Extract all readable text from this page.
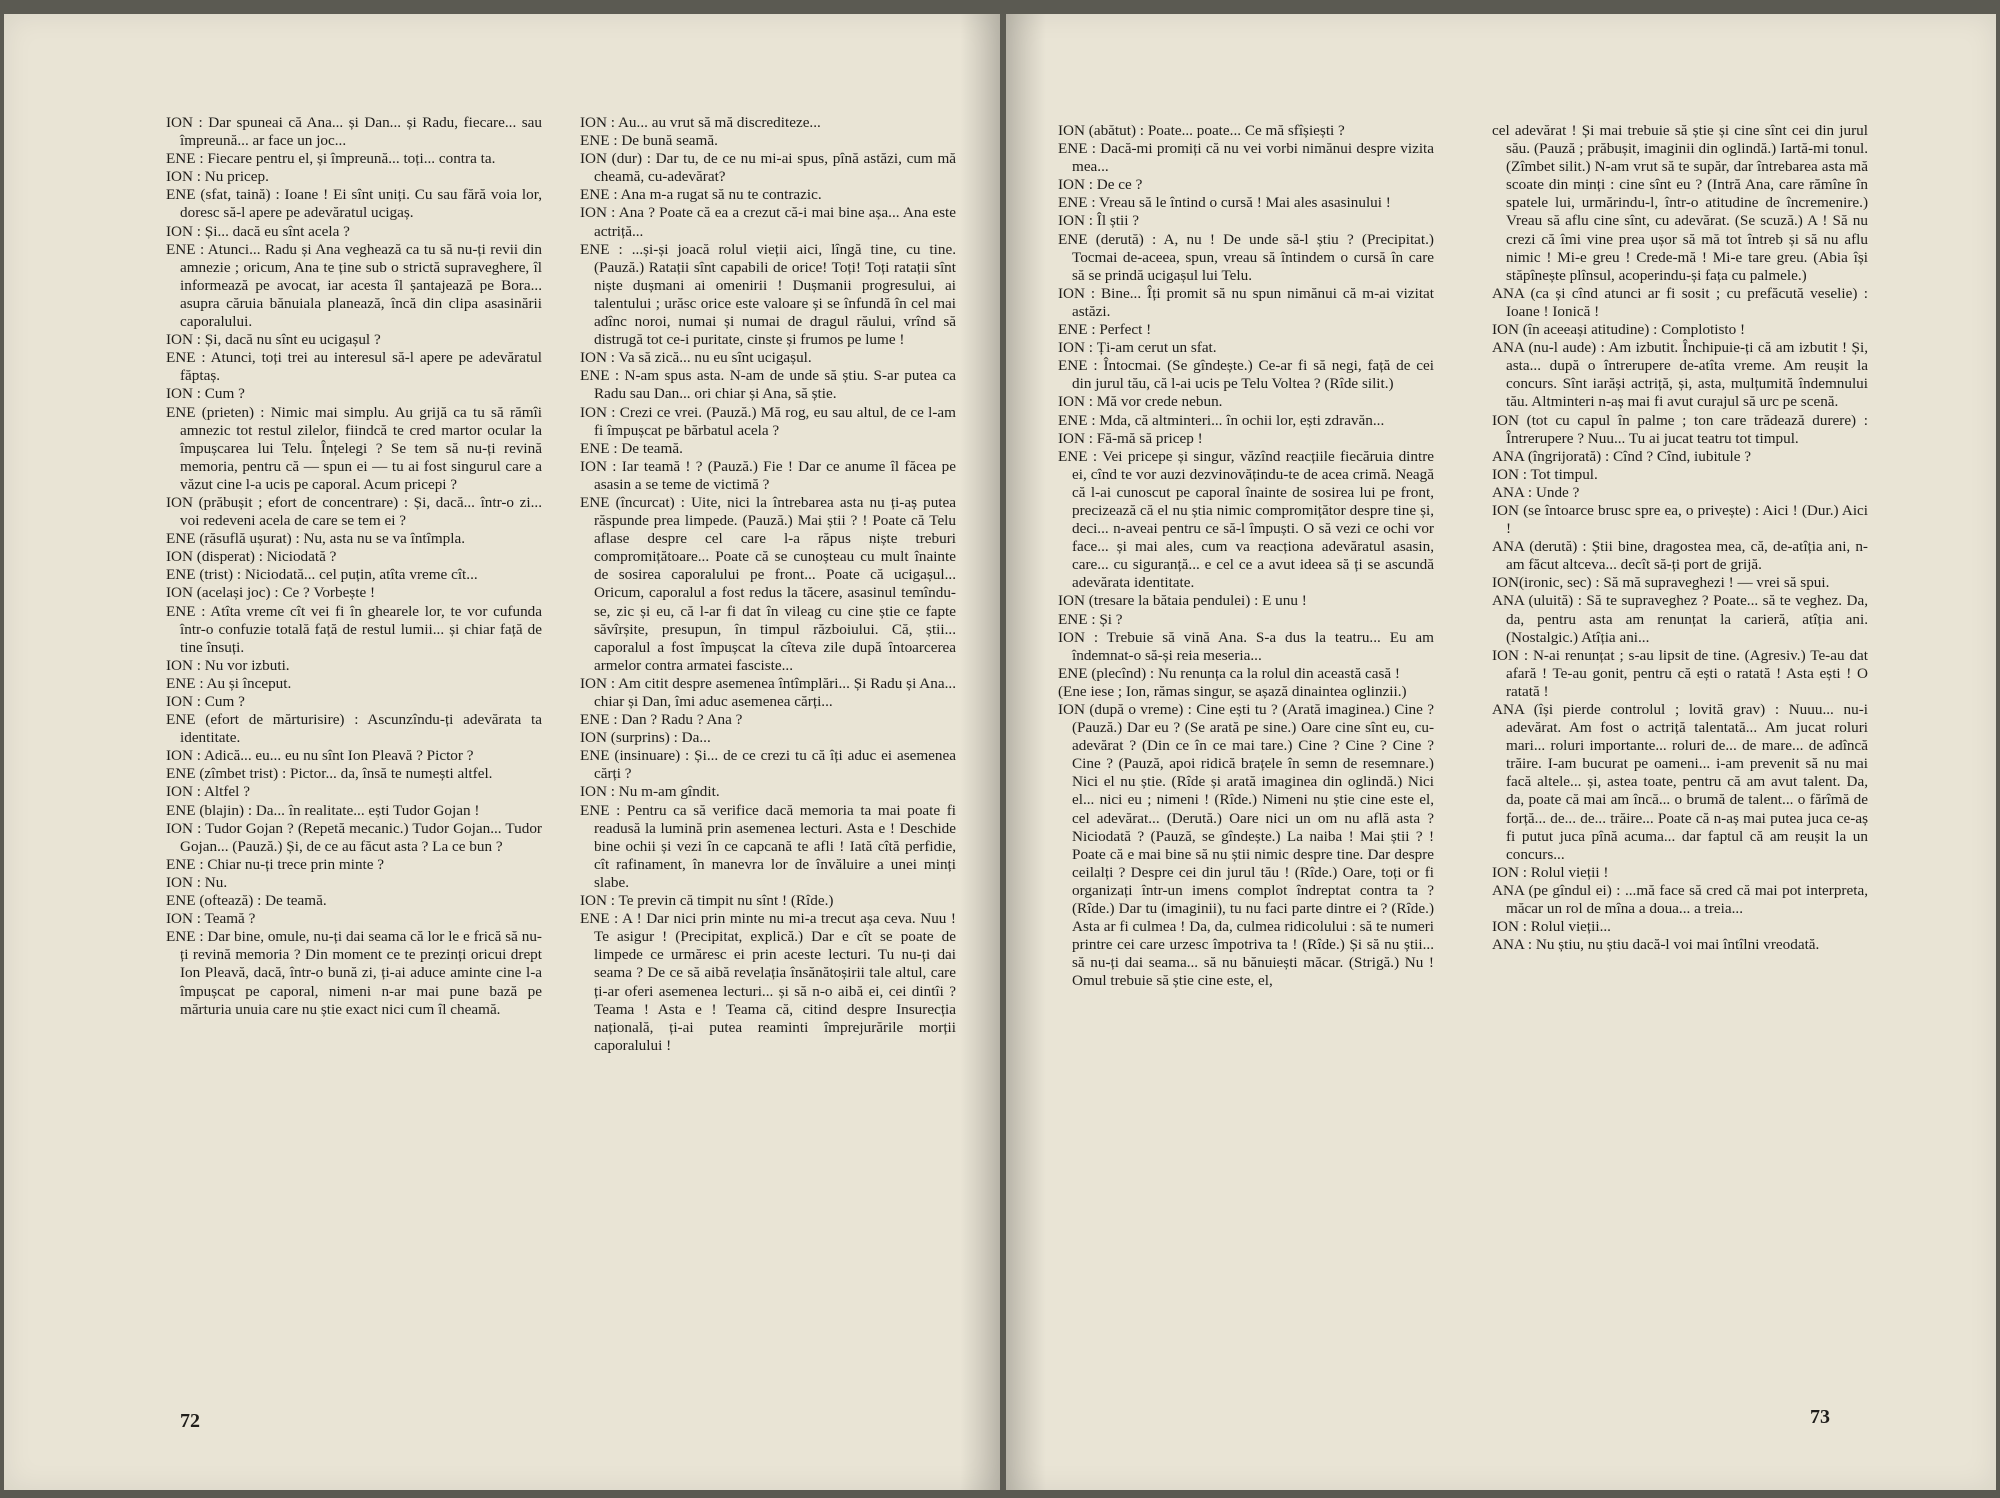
ION : Dar spuneai că Ana... și Dan... și Radu, fiecare... sau împreună... ar face un joc...

ENE : Fiecare pentru el, și împreună... toți... contra ta.

ION : Nu pricep.

ENE (sfat, taină) : Ioane ! Ei sînt uniți. Cu sau fără voia lor, doresc să-l apere pe adevăratul ucigaș.

ION : Și... dacă eu sînt acela ?

ENE : Atunci... Radu și Ana veghează ca tu să nu-ți revii din amnezie ; oricum, Ana te ține sub o strictă supraveghere, îl informează pe avocat, iar acesta îl șantajează pe Bora... asupra căruia bănuiala planează, încă din clipa asasinării caporalului.

ION : Și, dacă nu sînt eu ucigașul ?

ENE : Atunci, toți trei au interesul să-l apere pe adevăratul făptaș.

ION : Cum ?

ENE (prieten) : Nimic mai simplu. Au grijă ca tu să rămîi amnezic tot restul zilelor, fiindcă te cred martor ocular la împușcarea lui Telu. Înțelegi ? Se tem să nu-ți revină memoria, pentru că — spun ei — tu ai fost singurul care a văzut cine l-a ucis pe caporal. Acum pricepi ?

ION (prăbușit ; efort de concentrare) : Și, dacă... într-o zi... voi redeveni acela de care se tem ei ?

ENE (răsuflă ușurat) : Nu, asta nu se va întîmpla.

ION (disperat) : Niciodată ?

ENE (trist) : Niciodată... cel puțin, atîta vreme cît...

ION (același joc) : Ce ? Vorbește !

ENE : Atîta vreme cît vei fi în ghearele lor, te vor cufunda într-o confuzie totală față de restul lumii... și chiar față de tine însuți.

ION : Nu vor izbuti.

ENE : Au și început.

ION : Cum ?

ENE (efort de mărturisire) : Ascunzîndu-ți adevărata ta identitate.

ION : Adică... eu... eu nu sînt Ion Pleavă ? Pictor ?

ENE (zîmbet trist) : Pictor... da, însă te numești altfel.

ION : Altfel ?

ENE (blajin) : Da... în realitate... ești Tudor Gojan !

ION : Tudor Gojan ? (Repetă mecanic.) Tudor Gojan... Tudor Gojan... (Pauză.) Și, de ce au făcut asta ? La ce bun ?

ENE : Chiar nu-ți trece prin minte ?

ION : Nu.

ENE (oftează) : De teamă.

ION : Teamă ?

ENE : Dar bine, omule, nu-ți dai seama că lor le e frică să nu-ți revină memoria ? Din moment ce te prezinți oricui drept Ion Pleavă, dacă, într-o bună zi, ți-ai aduce aminte cine l-a împușcat pe caporal, nimeni n-ar mai pune bază pe mărturia unuia care nu știe exact nici cum îl cheamă.

ION : Au... au vrut să mă discrediteze...

ENE : De bună seamă.

ION (dur) : Dar tu, de ce nu mi-ai spus, pînă astăzi, cum mă cheamă, cu-adevărat?

ENE : Ana m-a rugat să nu te contrazic.

ION : Ana ? Poate că ea a crezut că-i mai bine așa... Ana este actriță...

ENE : ...și-și joacă rolul vieții aici, lîngă tine, cu tine. (Pauză.) Ratații sînt capabili de orice! Toți! Toți ratații sînt niște dușmani ai omenirii ! Dușmanii progresului, ai talentului ; urăsc orice este valoare și se înfundă în cel mai adînc noroi, numai și numai de dragul răului, vrînd să distrugă tot ce-i puritate, cinste și frumos pe lume !

ION : Va să zică... nu eu sînt ucigașul.

ENE : N-am spus asta. N-am de unde să știu. S-ar putea ca Radu sau Dan... ori chiar și Ana, să știe.

ION : Crezi ce vrei. (Pauză.) Mă rog, eu sau altul, de ce l-am fi împușcat pe bărbatul acela ?

ENE : De teamă.

ION : Iar teamă ! ? (Pauză.) Fie ! Dar ce anume îl făcea pe asasin a se teme de victimă ?

ENE (încurcat) : Uite, nici la întrebarea asta nu ți-aș putea răspunde prea limpede. (Pauză.) Mai știi ? ! Poate că Telu aflase despre cel care l-a răpus niște treburi compromițătoare... Poate că se cunoșteau cu mult înainte de sosirea caporalului pe front... Poate că ucigașul... Oricum, caporalul a fost redus la tăcere, asasinul temîndu-se, zic și eu, că l-ar fi dat în vileag cu cine știe ce fapte săvîrșite, presupun, în timpul războiului. Că, știi... caporalul a fost împușcat la cîteva zile după întoarcerea armelor contra armatei fasciste...

ION : Am citit despre asemenea întîmplări... Și Radu și Ana... chiar și Dan, îmi aduc asemenea cărți...

ENE : Dan ? Radu ? Ana ?

ION (surprins) : Da...

ENE (insinuare) : Și... de ce crezi tu că îți aduc ei asemenea cărți ?

ION : Nu m-am gîndit.

ENE : Pentru ca să verifice dacă memoria ta mai poate fi readusă la lumină prin asemenea lecturi. Asta e ! Deschide bine ochii și vezi în ce capcană te afli ! Iată cîtă perfidie, cît rafinament, în manevra lor de învăluire a unei minți slabe.

ION : Te previn că timpit nu sînt ! (Rîde.)

ENE : A ! Dar nici prin minte nu mi-a trecut așa ceva. Nuu ! Te asigur ! (Precipitat, explică.) Dar e cît se poate de limpede ce urmăresc ei prin aceste lecturi. Tu nu-ți dai seama ? De ce să aibă revelația însănătoșirii tale altul, care ți-ar oferi asemenea lecturi... și să n-o aibă ei, cei dintîi ? Teama ! Asta e ! Teama că, citind despre Insurecția națională, ți-ai putea reaminti împrejurările morții caporalului !

72

ION (abătut) : Poate... poate... Ce mă sfîșiești ?

ENE : Dacă-mi promiți că nu vei vorbi nimănui despre vizita mea...

ION : De ce ?

ENE : Vreau să le întind o cursă ! Mai ales asasinului !

ION : Îl știi ?

ENE (derută) : A, nu ! De unde să-l știu ? (Precipitat.) Tocmai de-aceea, spun, vreau să întindem o cursă în care să se prindă ucigașul lui Telu.

ION : Bine... Îți promit să nu spun nimănui că m-ai vizitat astăzi.

ENE : Perfect !

ION : Ți-am cerut un sfat.

ENE : Întocmai. (Se gîndește.) Ce-ar fi să negi, față de cei din jurul tău, că l-ai ucis pe Telu Voltea ? (Rîde silit.)

ION : Mă vor crede nebun.

ENE : Mda, că altminteri... în ochii lor, ești zdravăn...

ION : Fă-mă să pricep !

ENE : Vei pricepe și singur, văzînd reacțiile fiecăruia dintre ei, cînd te vor auzi dezvinovățindu-te de acea crimă. Neagă că l-ai cunoscut pe caporal înainte de sosirea lui pe front, precizează că el nu știa nimic compromițător despre tine și, deci... n-aveai pentru ce să-l împuști. O să vezi ce ochi vor face... și mai ales, cum va reacționa adevăratul asasin, care... cu siguranță... e cel ce a avut ideea să ți se ascundă adevărata identitate.

ION (tresare la bătaia pendulei) : E unu !

ENE : Și ?

ION : Trebuie să vină Ana. S-a dus la teatru... Eu am îndemnat-o să-și reia meseria...

ENE (plecînd) : Nu renunța ca la rolul din această casă !

(Ene iese ; Ion, rămas singur, se așază dinaintea oglinzii.)

ION (după o vreme) : Cine ești tu ? (Arată imaginea.) Cine ? (Pauză.) Dar eu ? (Se arată pe sine.) Oare cine sînt eu, cu-adevărat ? (Din ce în ce mai tare.) Cine ? Cine ? Cine ? Cine ? (Pauză, apoi ridică brațele în semn de resemnare.) Nici el nu știe. (Rîde și arată imaginea din oglindă.) Nici el... nici eu ; nimeni ! (Rîde.) Nimeni nu știe cine este el, cel adevărat... (Derută.) Oare nici un om nu află asta ? Niciodată ? (Pauză, se gîndește.) La naiba ! Mai știi ? ! Poate că e mai bine să nu știi nimic despre tine. Dar despre ceilalți ? Despre cei din jurul tău ! (Rîde.) Oare, toți or fi organizați într-un imens complot îndreptat contra ta ? (Rîde.) Dar tu (imaginii), tu nu faci parte dintre ei ? (Rîde.) Asta ar fi culmea ! Da, da, culmea ridicolului : să te numeri printre cei care urzesc împotriva ta ! (Rîde.) Și să nu știi... să nu-ți dai seama... să nu bănuiești măcar. (Strigă.) Nu ! Omul trebuie să știe cine este, el,

cel adevărat ! Și mai trebuie să știe și cine sînt cei din jurul său. (Pauză ; prăbușit, imaginii din oglindă.) Iartă-mi tonul. (Zîmbet silit.) N-am vrut să te supăr, dar întrebarea asta mă scoate din minți : cine sînt eu ? (Intră Ana, care rămîne în spatele lui, urmărindu-l, într-o atitudine de încremenire.) Vreau să aflu cine sînt, cu adevărat. (Se scuză.) A ! Să nu crezi că îmi vine prea ușor să mă tot întreb și să nu aflu nimic ! Mi-e greu ! Crede-mă ! Mi-e tare greu. (Abia își stăpînește plînsul, acoperindu-și fața cu palmele.)

ANA (ca și cînd atunci ar fi sosit ; cu prefăcută veselie) : Ioane ! Ionică !

ION (în aceeași atitudine) : Complotisto !

ANA (nu-l aude) : Am izbutit. Închipuie-ți că am izbutit ! Și, asta... după o întrerupere de-atîta vreme. Am reușit la concurs. Sînt iarăși actriță, și, asta, mulțumită îndemnului tău. Altminteri n-aș mai fi avut curajul să urc pe scenă.

ION (tot cu capul în palme ; ton care trădează durere) : Întrerupere ? Nuu... Tu ai jucat teatru tot timpul.

ANA (îngrijorată) : Cînd ? Cînd, iubitule ?

ION : Tot timpul.

ANA : Unde ?

ION (se întoarce brusc spre ea, o privește) : Aici ! (Dur.) Aici !

ANA (derută) : Știi bine, dragostea mea, că, de-atîția ani, n-am făcut altceva... decît să-ți port de grijă.

ION(ironic, sec) : Să mă supraveghezi ! — vrei să spui.

ANA (uluită) : Să te supraveghez ? Poate... să te veghez. Da, da, pentru asta am renunțat la carieră, atîția ani. (Nostalgic.) Atîția ani...

ION : N-ai renunțat ; s-au lipsit de tine. (Agresiv.) Te-au dat afară ! Te-au gonit, pentru că ești o ratată ! Asta ești ! O ratată !

ANA (își pierde controlul ; lovită grav) : Nuuu... nu-i adevărat. Am fost o actriță talentată... Am jucat roluri mari... roluri importante... roluri de... de mare... de adîncă trăire. I-am bucurat pe oameni... i-am prevenit să nu mai facă altele... și, astea toate, pentru că am avut talent. Da, da, poate că mai am încă... o brumă de talent... o fărîmă de forță... de... de... trăire... Poate că n-aș mai putea juca ce-aș fi putut juca pînă acuma... dar faptul că am reușit la un concurs...

ION : Rolul vieții !

ANA (pe gîndul ei) : ...mă face să cred că mai pot interpreta, măcar un rol de mîna a doua... a treia...

ION : Rolul vieții...

ANA : Nu știu, nu știu dacă-l voi mai întîlni vreodată.

73
